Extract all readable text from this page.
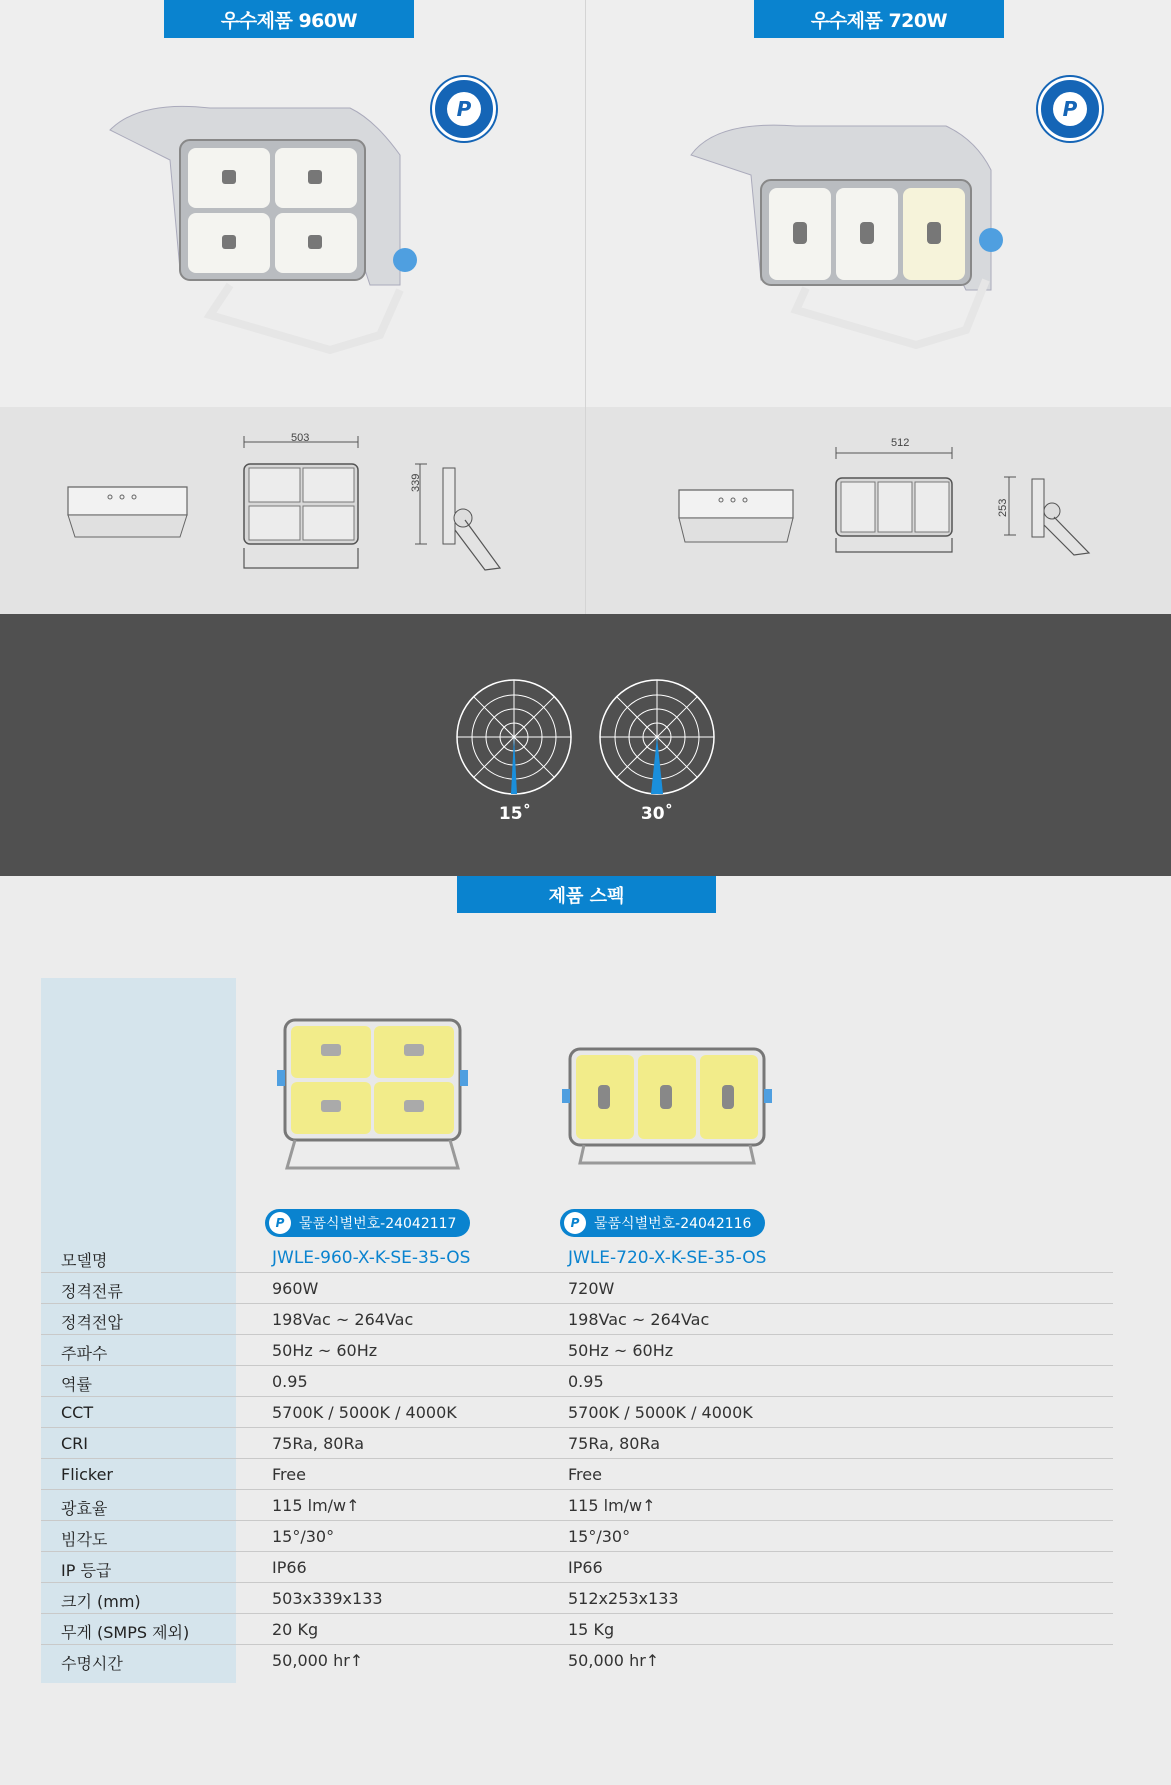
우수제품 960W
P
503
339
우수제품 720W
P
512
253
15˚	30˚
제품 스펙
P	물품식별번호-24042117	P	물품식별번호-24042116
모델명	JWLE-960-X-K-SE-35-OS	JWLE-720-X-K-SE-35-OS
정격전류	960W	720W
정격전압	198Vac ~ 264Vac	198Vac ~ 264Vac
주파수	50Hz ~ 60Hz	50Hz ~ 60Hz
역률	0.95	0.95
CCT	5700K / 5000K / 4000K	5700K / 5000K / 4000K
CRI	75Ra, 80Ra	75Ra, 80Ra
Flicker	Free	Free
광효율	115 lm/w↑	115 lm/w↑
빔각도	15°/30°	15°/30°
IP 등급	IP66	IP66
크기 (mm)	503x339x133	512x253x133
무게 (SMPS 제외)	20 Kg	15 Kg
수명시간	50,000 hr↑	50,000 hr↑
